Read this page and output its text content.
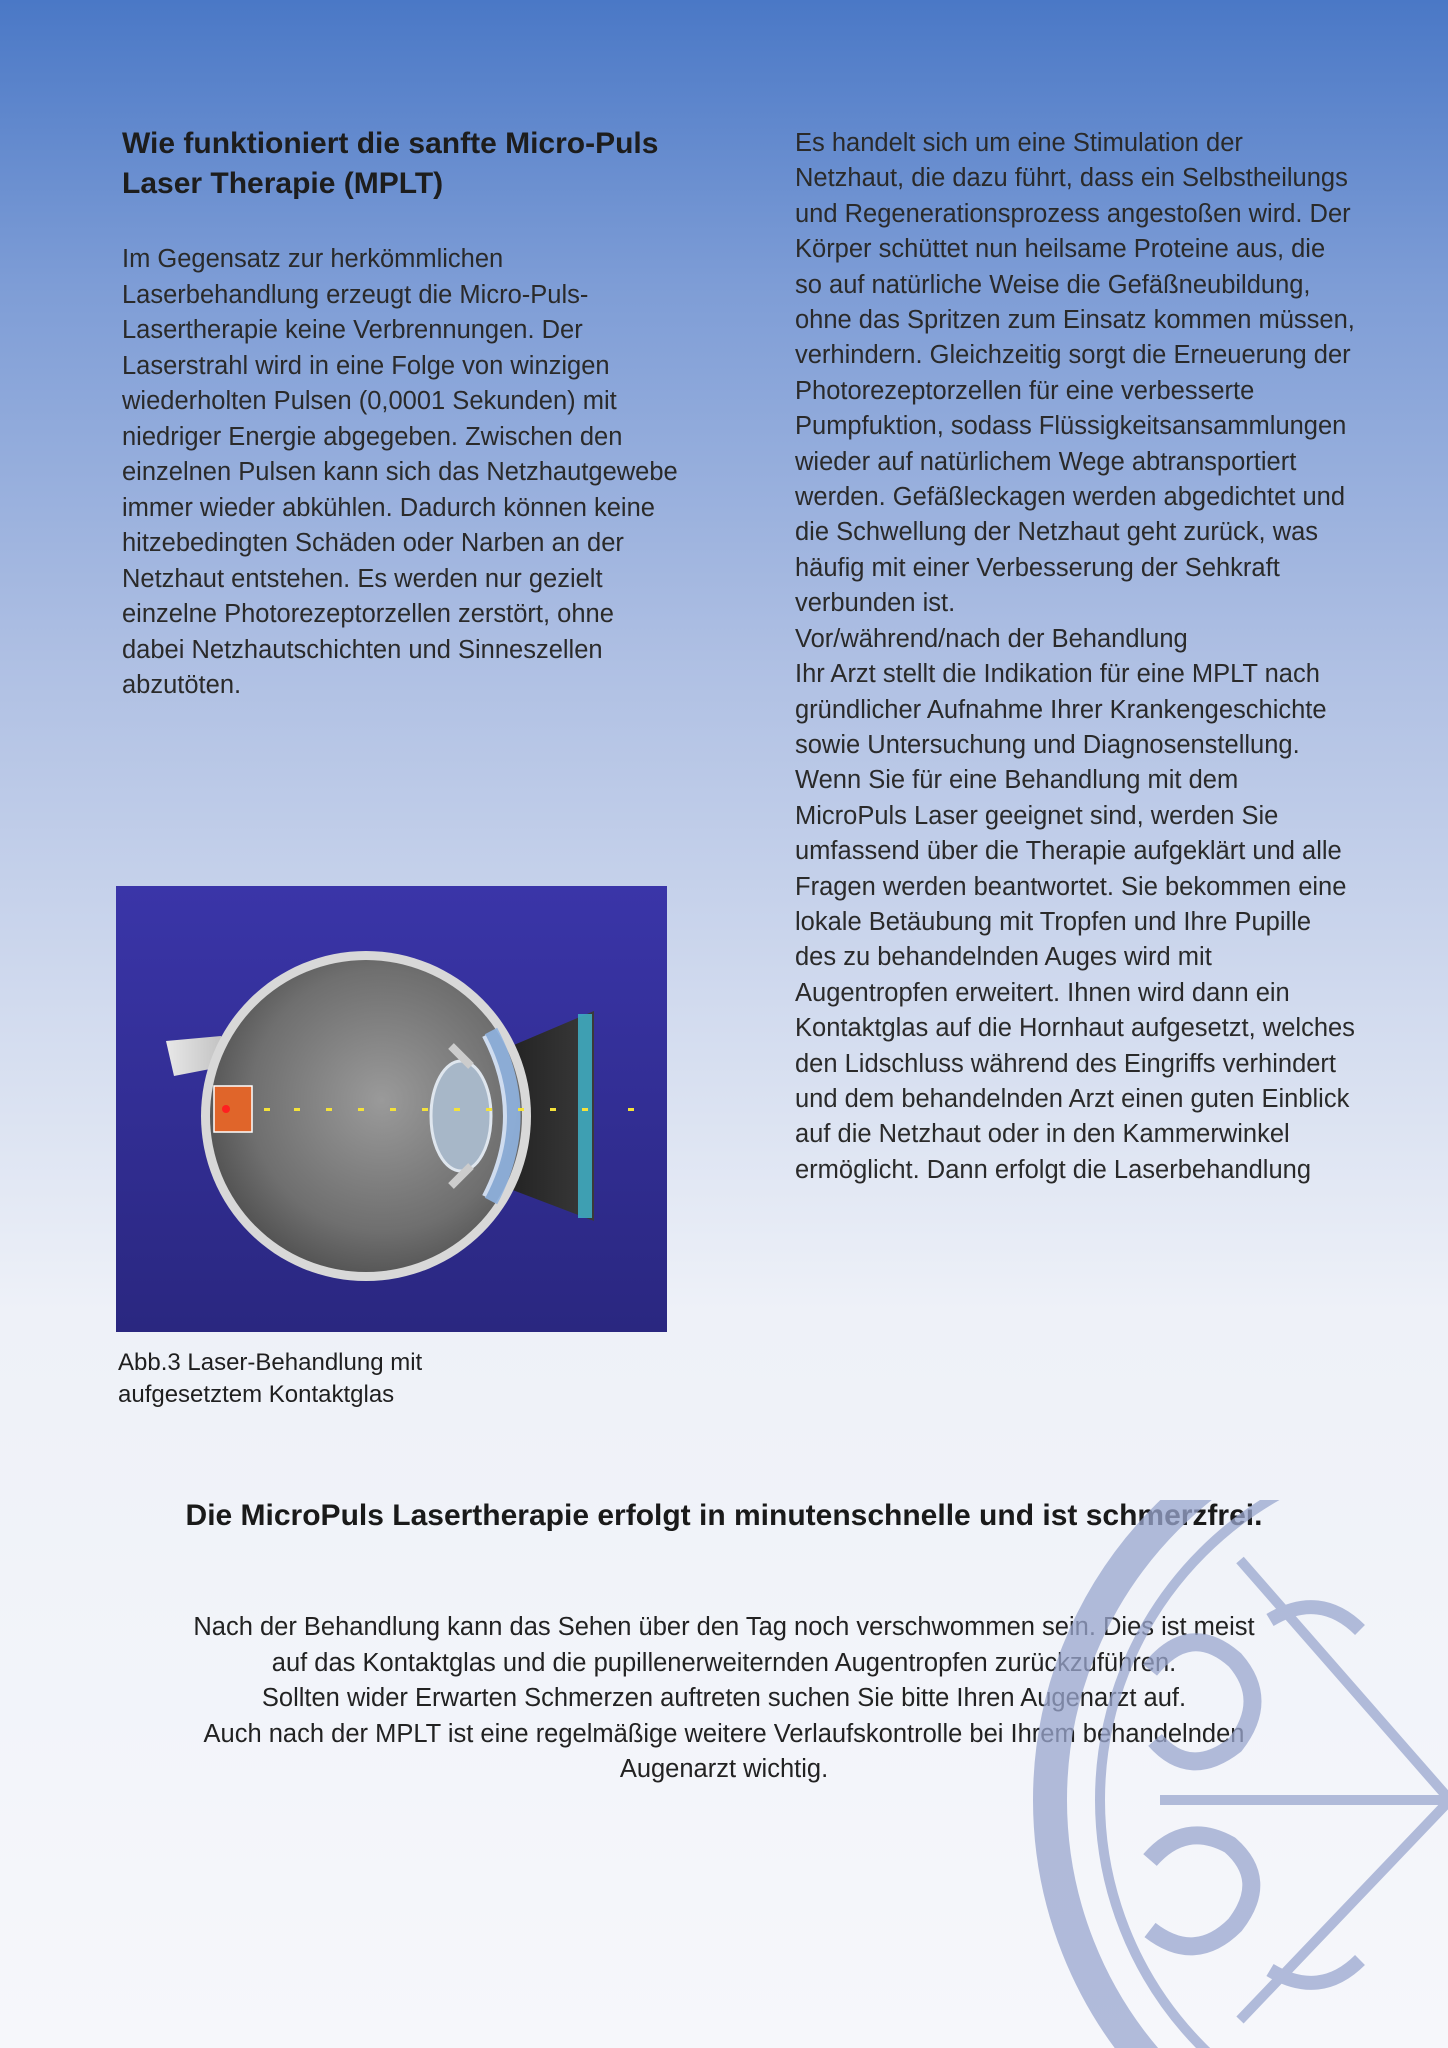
Wie funktioniert die sanfte Micro-Puls Laser Therapie (MPLT)

Im Gegensatz zur herkömmlichen Laserbehandlung erzeugt die Micro-Puls- Lasertherapie keine Verbrennungen. Der Laserstrahl wird in eine Folge von winzigen wiederholten Pulsen (0,0001 Sekunden) mit niedriger Energie abgegeben. Zwischen den einzelnen Pulsen kann sich das Netzhautgewebe immer wieder abkühlen. Dadurch können keine hitzebedingten Schäden oder Narben an der Netzhaut entstehen. Es werden nur gezielt einzelne Photorezeptorzellen zerstört, ohne dabei Netzhautschichten und Sinneszellen abzutöten.

Abb.3 Laser-Behandlung mit aufgesetztem Kontaktglas

Es handelt sich um eine Stimulation der Netzhaut, die dazu führt, dass ein Selbstheilungs und Regenerationsprozess angestoßen wird. Der Körper schüttet nun heilsame Proteine aus, die so auf natürliche Weise die Gefäßneubildung, ohne das Spritzen zum Einsatz kommen müssen, verhindern. Gleichzeitig sorgt die Erneuerung der Photorezeptorzellen für eine verbesserte Pumpfuktion, sodass Flüssigkeitsansammlungen wieder auf natürlichem Wege abtransportiert werden. Gefäßleckagen werden abgedichtet und die Schwellung der Netzhaut geht zurück, was häufig mit einer Verbesserung der Sehkraft verbunden ist.
Vor/während/nach der Behandlung
Ihr Arzt stellt die Indikation für eine MPLT nach gründlicher Aufnahme Ihrer Krankengeschichte sowie Untersuchung und Diagnosenstellung. Wenn Sie für eine Behandlung mit dem MicroPuls Laser geeignet sind, werden Sie umfassend über die Therapie aufgeklärt und alle Fragen werden beantwortet. Sie bekommen eine lokale Betäubung mit Tropfen und Ihre Pupille des zu behandelnden Auges wird mit Augentropfen erweitert. Ihnen wird dann ein Kontaktglas auf die Hornhaut aufgesetzt, welches den Lidschluss während des Eingriffs verhindert und dem behandelnden Arzt einen guten Einblick auf die Netzhaut oder in den Kammerwinkel ermöglicht. Dann erfolgt die Laserbehandlung
Die MicroPuls Lasertherapie erfolgt in minutenschnelle und ist schmerzfrei.

Nach der Behandlung kann das Sehen über den Tag noch verschwommen sein. Dies ist meist
auf das Kontaktglas und die pupillenerweiternden Augentropfen zurückzuführen.
Sollten wider Erwarten Schmerzen auftreten suchen Sie bitte Ihren Augenarzt auf.
Auch nach der MPLT ist eine regelmäßige weitere Verlaufskontrolle bei Ihrem behandelnden
Augenarzt wichtig.
